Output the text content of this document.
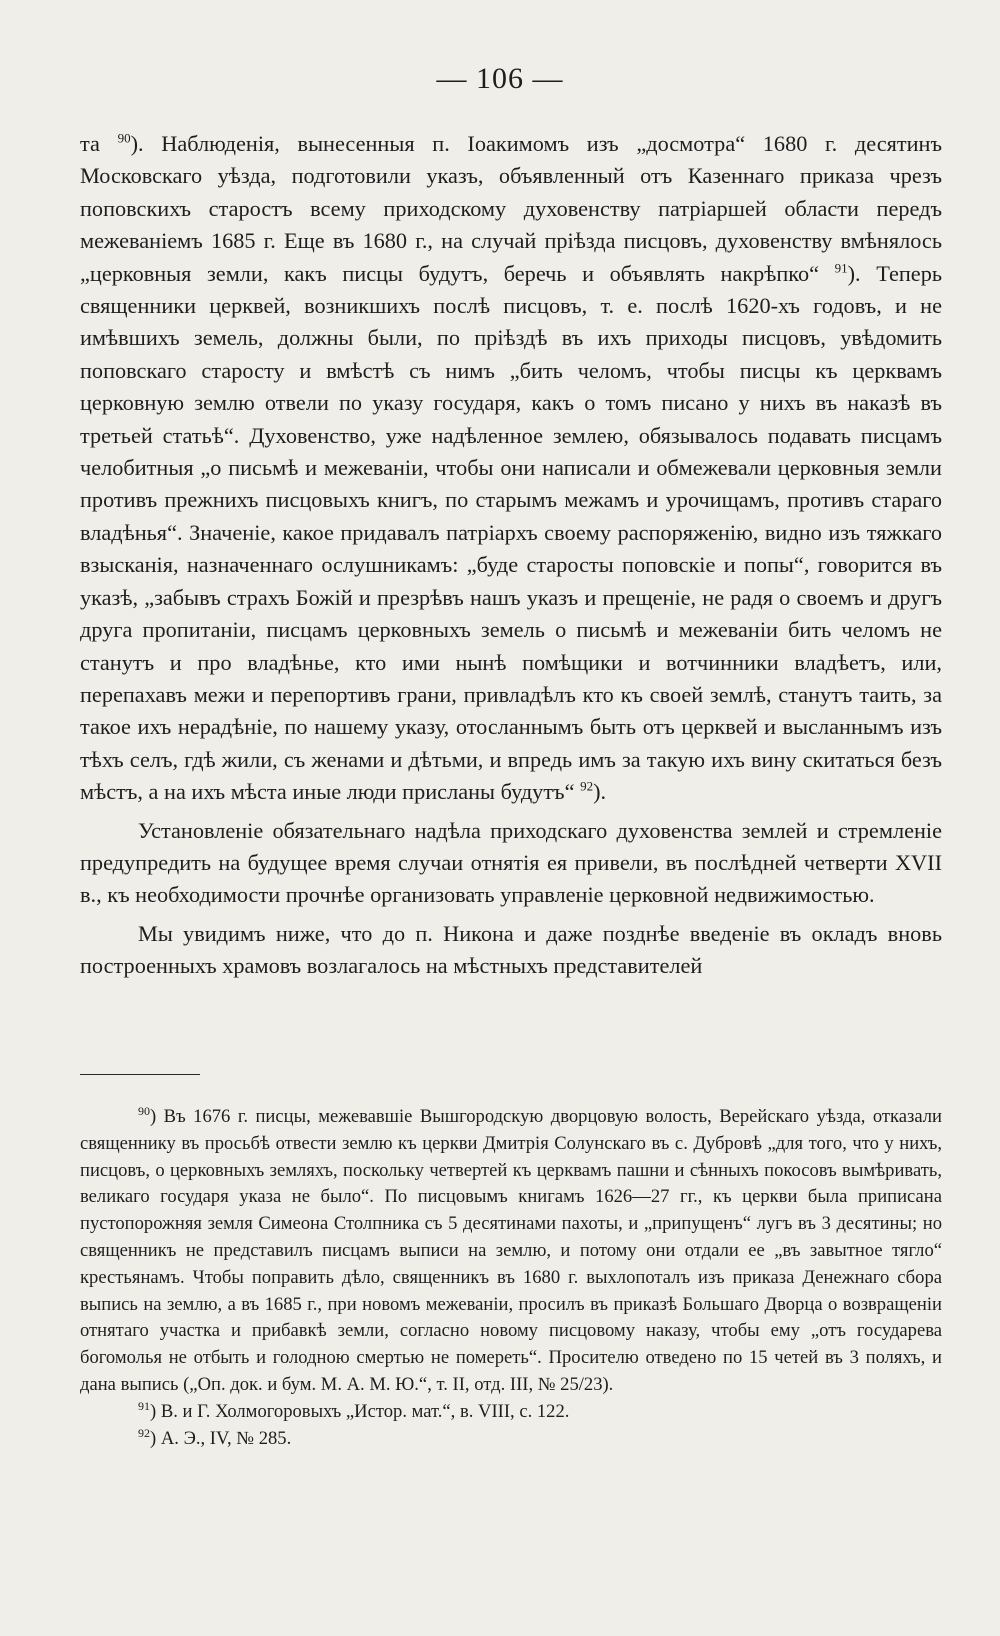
— 106 —

та $^{90}$). Наблюденія, вынесенныя п. Іоакимомъ изъ „досмотра“ 1680 г. десятинъ Московскаго уѣзда, подготовили указъ, объявленный отъ Казеннаго приказа чрезъ поповскихъ старостъ всему приходскому духовенству патріаршей области передъ межеваніемъ 1685 г. Еще въ 1680 г., на случай пріѣзда писцовъ, духовенству вмѣнялось „церковныя земли, какъ писцы будутъ, беречь и объявлять накрѣпко“ $^{91}$). Теперь священники церквей, возникшихъ послѣ писцовъ, т. е. послѣ 1620-хъ годовъ, и не имѣвшихъ земель, должны были, по пріѣздѣ въ ихъ приходы писцовъ, увѣдомить поповскаго старосту и вмѣстѣ съ нимъ „бить челомъ, чтобы писцы къ церквамъ церковную землю отвели по указу государя, какъ о томъ писано у нихъ въ наказѣ въ третьей статьѣ“. Духовенство, уже надѣленное землею, обязывалось подавать писцамъ челобитныя „о письмѣ и межеваніи, чтобы они написали и обмежевали церковныя земли противъ прежнихъ писцовыхъ книгъ, по старымъ межамъ и урочищамъ, противъ стараго владѣнья“. Значеніе, какое придавалъ патріархъ своему распоряженію, видно изъ тяжкаго взысканія, назначеннаго ослушникамъ: „буде старосты поповскіе и попы“, говорится въ указѣ, „забывъ страхъ Божій и презрѣвъ нашъ указъ и прещеніе, не радя о своемъ и другъ друга пропитаніи, писцамъ церковныхъ земель о письмѣ и межеваніи бить челомъ не станутъ и про владѣнье, кто ими нынѣ помѣщики и вотчинники владѣетъ, или, перепахавъ межи и перепортивъ грани, привладѣлъ кто къ своей землѣ, станутъ таить, за такое ихъ нерадѣніе, по нашему указу, отосланнымъ быть отъ церквей и высланнымъ изъ тѣхъ селъ, гдѣ жили, съ женами и дѣтьми, и впредь имъ за такую ихъ вину скитаться безъ мѣстъ, а на ихъ мѣста иные люди присланы будутъ“ $^{92}$).

Установленіе обязательнаго надѣла приходскаго духовенства землей и стремленіе предупредить на будущее время случаи отнятія ея привели, въ послѣдней четверти XVII в., къ необходимости прочнѣе организовать управленіе церковной недвижимостью.

Мы увидимъ ниже, что до п. Никона и даже позднѣе введеніе въ окладъ вновь построенныхъ храмовъ возлагалось на мѣстныхъ представителей

$^{90}$) Въ 1676 г. писцы, межевавшіе Вышгородскую дворцовую волость, Верейскаго уѣзда, отказали священнику въ просьбѣ отвести землю къ церкви Дмитрія Солунскаго въ с. Дубровѣ „для того, что у нихъ, писцовъ, о церковныхъ земляхъ, поскольку четвертей къ церквамъ пашни и сѣнныхъ покосовъ вымѣривать, великаго государя указа не было“. По писцовымъ книгамъ 1626—27 гг., къ церкви была приписана пустопорожняя земля Симеона Столпника съ 5 десятинами пахоты, и „припущенъ“ лугъ въ 3 десятины; но священникъ не представилъ писцамъ выписи на землю, и потому они отдали ее „въ завытное тягло“ крестьянамъ. Чтобы поправить дѣло, священникъ въ 1680 г. выхлопоталъ изъ приказа Денежнаго сбора выпись на землю, а въ 1685 г., при новомъ межеваніи, просилъ въ приказѣ Большаго Дворца о возвращеніи отнятаго участка и прибавкѣ земли, согласно новому писцовому наказу, чтобы ему „отъ государева богомолья не отбыть и голодною смертью не помереть“. Просителю отведено по 15 четей въ 3 поляхъ, и дана выпись („Оп. док. и бум. М. А. М. Ю.“, т. II, отд. III, № 25/23).

$^{91}$) В. и Г. Холмогоровыхъ „Истор. мат.“, в. VIII, с. 122.

$^{92}$) А. Э., IV, № 285.
